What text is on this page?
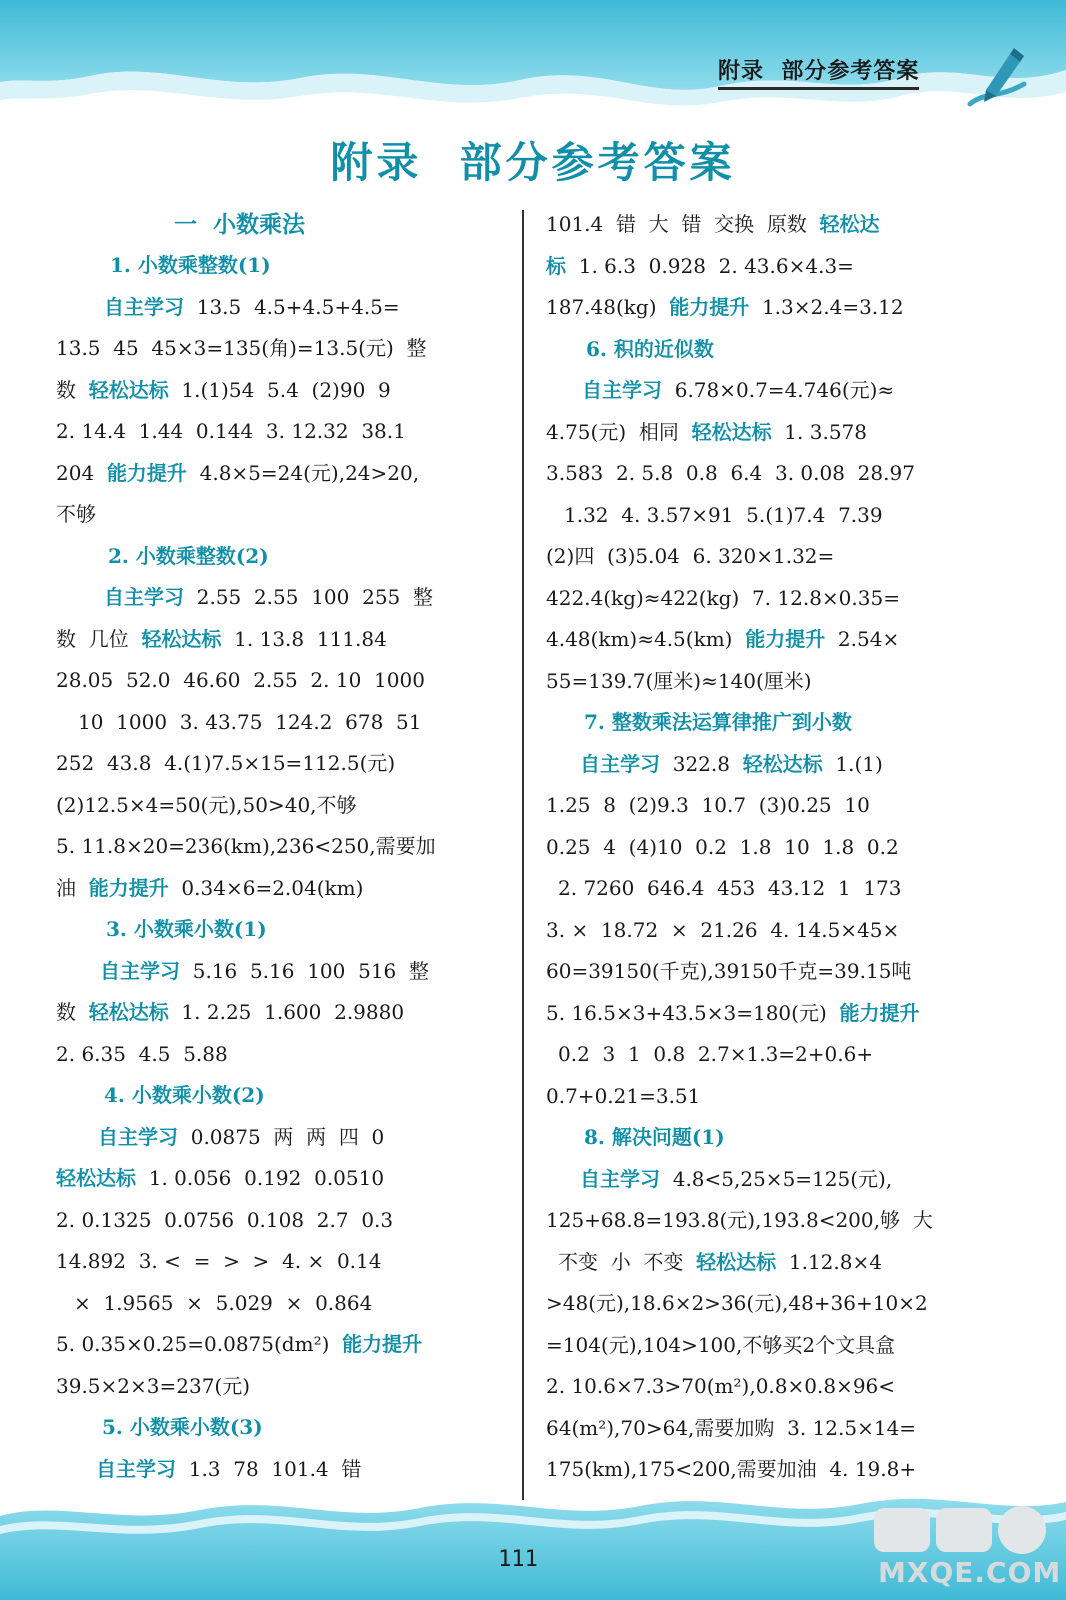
附录  部分参考答案
附录  部分参考答案
一  小数乘法
1. 小数乘整数(1)
自主学习  13.5  4.5+4.5+4.5=
13.5  45  45×3=135(角)=13.5(元)  整
数  轻松达标  1.(1)54  5.4  (2)90  9
2. 14.4  1.44  0.144  3. 12.32  38.1
204  能力提升  4.8×5=24(元),24>20,
不够
2. 小数乘整数(2)
自主学习  2.55  2.55  100  255  整
数  几位  轻松达标  1. 13.8  111.84
28.05  52.0  46.60  2.55  2. 10  1000
10  1000  3. 43.75  124.2  678  51
252  43.8  4.(1)7.5×15=112.5(元)
(2)12.5×4=50(元),50>40,不够
5. 11.8×20=236(km),236<250,需要加
油  能力提升  0.34×6=2.04(km)
3. 小数乘小数(1)
自主学习  5.16  5.16  100  516  整
数  轻松达标  1. 2.25  1.600  2.9880
2. 6.35  4.5  5.88
4. 小数乘小数(2)
自主学习  0.0875  两  两  四  0
轻松达标  1. 0.056  0.192  0.0510
2. 0.1325  0.0756  0.108  2.7  0.3
14.892  3. <  =  >  >  4. ×  0.14
×  1.9565  ×  5.029  ×  0.864
5. 0.35×0.25=0.0875(dm²)  能力提升
39.5×2×3=237(元)
5. 小数乘小数(3)
自主学习  1.3  78  101.4  错
101.4  错  大  错  交换  原数  轻松达
标  1. 6.3  0.928  2. 43.6×4.3=
187.48(kg)  能力提升  1.3×2.4=3.12
6. 积的近似数
自主学习  6.78×0.7=4.746(元)≈
4.75(元)  相同  轻松达标  1. 3.578
3.583  2. 5.8  0.8  6.4  3. 0.08  28.97
1.32  4. 3.57×91  5.(1)7.4  7.39
(2)四  (3)5.04  6. 320×1.32=
422.4(kg)≈422(kg)  7. 12.8×0.35=
4.48(km)≈4.5(km)  能力提升  2.54×
55=139.7(厘米)≈140(厘米)
7. 整数乘法运算律推广到小数
自主学习  322.8  轻松达标  1.(1)
1.25  8  (2)9.3  10.7  (3)0.25  10
0.25  4  (4)10  0.2  1.8  10  1.8  0.2
2. 7260  646.4  453  43.12  1  173
3. ×  18.72  ×  21.26  4. 14.5×45×
60=39150(千克),39150千克=39.15吨
5. 16.5×3+43.5×3=180(元)  能力提升
0.2  3  1  0.8  2.7×1.3=2+0.6+
0.7+0.21=3.51
8. 解决问题(1)
自主学习  4.8<5,25×5=125(元),
125+68.8=193.8(元),193.8<200,够  大
不变  小  不变  轻松达标  1.12.8×4
>48(元),18.6×2>36(元),48+36+10×2
=104(元),104>100,不够买2个文具盒
2. 10.6×7.3>70(m²),0.8×0.8×96<
64(m²),70>64,需要加购  3. 12.5×14=
175(km),175<200,需要加油  4. 19.8+
111	MXQE.COM
